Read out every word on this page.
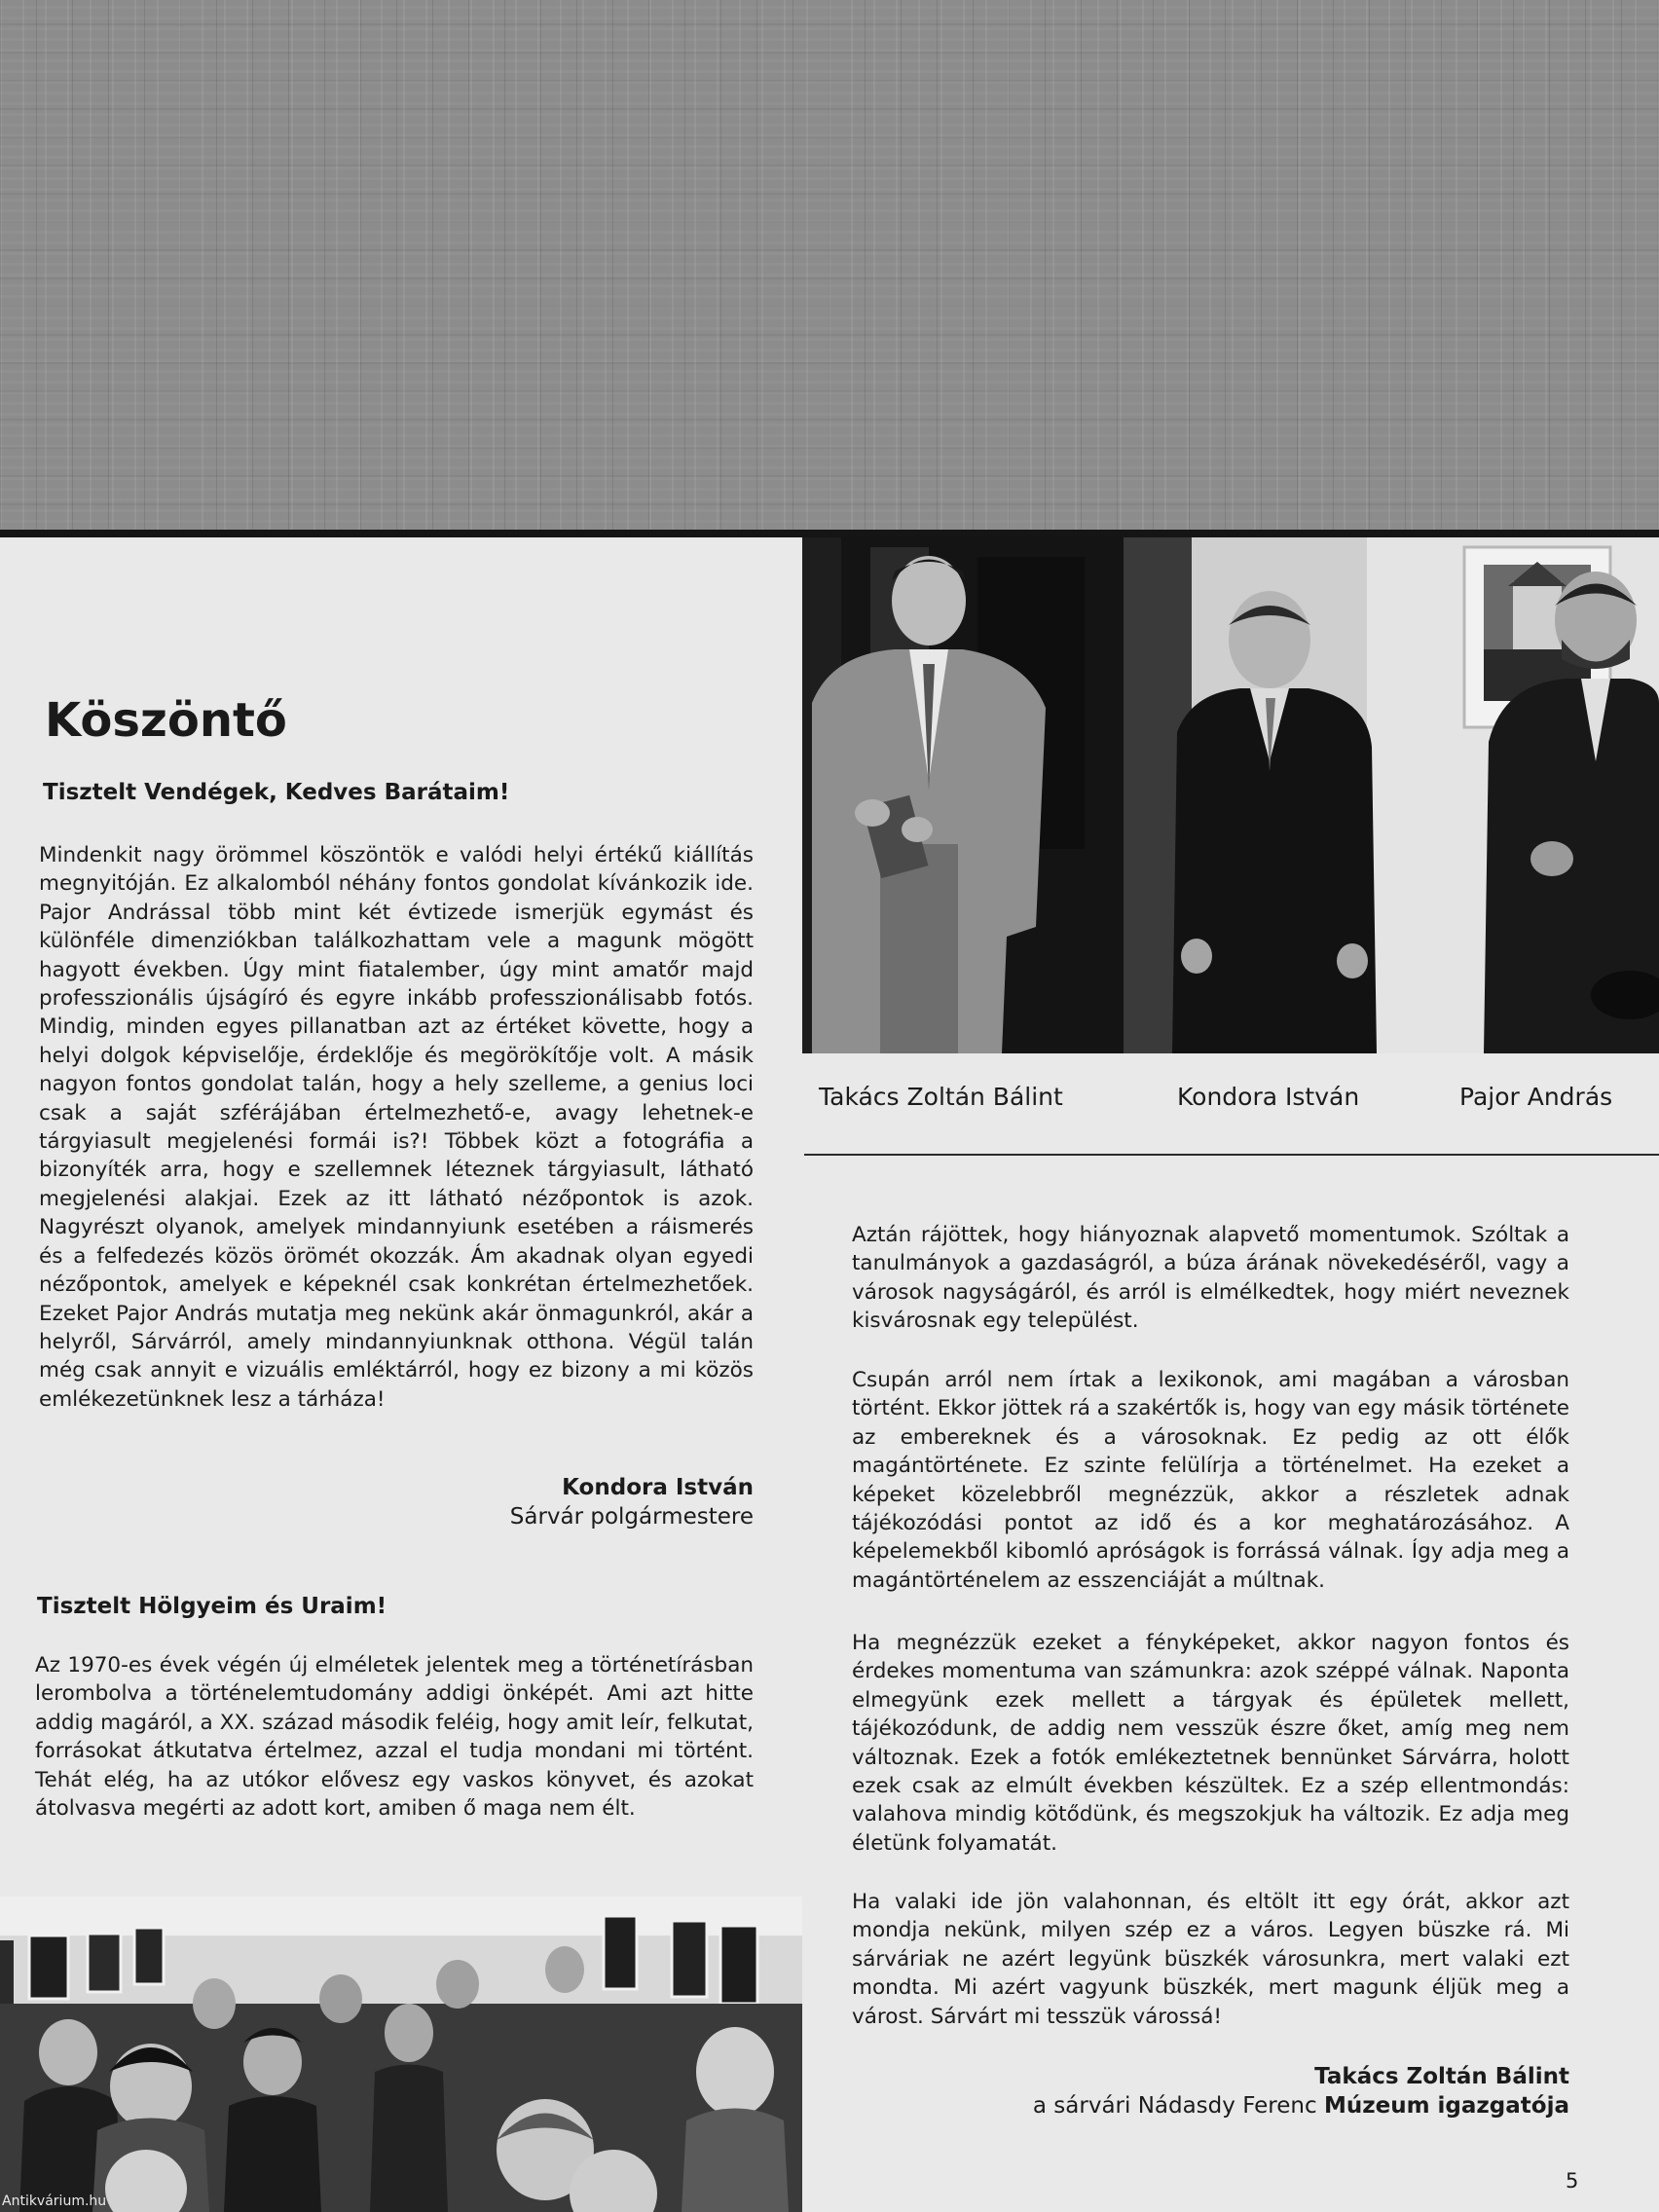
Köszöntő

Tisztelt Vendégek, Kedves Barátaim!

Mindenkit nagy örömmel köszöntök e valódi helyi értékű kiállítás megnyitóján. Ez alkalomból néhány fontos gondolat kívánkozik ide. Pajor Andrással több mint két évtizede ismerjük egymást és különféle dimenziókban találkozhattam vele a magunk mögött hagyott években. Úgy mint fiatalember, úgy mint amatőr majd professzionális újságíró és egyre inkább professzionálisabb fotós. Mindig, minden egyes pillanatban azt az értéket követte, hogy a helyi dolgok képviselője, érdeklője és megörökítője volt. A másik nagyon fontos gondolat talán, hogy a hely szelleme, a genius loci csak a saját szférájában értelmezhető-e, avagy lehetnek-e tárgyiasult megjelenési formái is?! Többek közt a fotográfia a bizonyíték arra, hogy e szellemnek léteznek tárgyiasult, látható megjelenési alakjai. Ezek az itt látható nézőpontok is azok. Nagyrészt olyanok, amelyek mindannyiunk esetében a ráismerés és a felfedezés közös örömét okozzák. Ám akadnak olyan egyedi nézőpontok, amelyek e képeknél csak konkrétan értelmezhetőek. Ezeket Pajor András mutatja meg nekünk akár önmagunkról, akár a helyről, Sárvárról, amely mindannyiunknak otthona. Végül talán még csak annyit e vizuális emléktárról, hogy ez bizony a mi közös emlékezetünknek lesz a tárháza!

Kondora István
Sárvár polgármestere

Tisztelt Hölgyeim és Uraim!

Az 1970-es évek végén új elméletek jelentek meg a történetírásban lerombolva a történelemtudomány addigi önképét. Ami azt hitte addig magáról, a XX. század második feléig, hogy amit leír, felkutat, forrásokat átkutatva értelmez, azzal el tudja mondani mi történt. Tehát elég, ha az utókor elővesz egy vaskos könyvet, és azokat átolvasva megérti az adott kort, amiben ő maga nem élt.

Takács Zoltán Bálint	Kondora István	Pajor András

Aztán rájöttek, hogy hiányoznak alapvető momentumok. Szóltak a tanulmányok a gazdaságról, a búza árának növekedéséről, vagy a városok nagyságáról, és arról is elmélkedtek, hogy miért neveznek kisvárosnak egy települést.

Csupán arról nem írtak a lexikonok, ami magában a városban történt. Ekkor jöttek rá a szakértők is, hogy van egy másik története az embereknek és a városoknak. Ez pedig az ott élők magántörténete. Ez szinte felülírja a történelmet. Ha ezeket a képeket közelebbről megnézzük, akkor a részletek adnak tájékozódási pontot az idő és a kor meghatározásához. A képelemekből kibomló apróságok is forrássá válnak. Így adja meg a magántörténelem az esszenciáját a múltnak.

Ha megnézzük ezeket a fényképeket, akkor nagyon fontos és érdekes momentuma van számunkra: azok széppé válnak. Naponta elmegyünk ezek mellett a tárgyak és épületek mellett, tájékozódunk, de addig nem vesszük észre őket, amíg meg nem változnak. Ezek a fotók emlékeztetnek bennünket Sárvárra, holott ezek csak az elmúlt években készültek. Ez a szép ellentmondás: valahova mindig kötődünk, és megszokjuk ha változik. Ez adja meg életünk folyamatát.

Ha valaki ide jön valahonnan, és eltölt itt egy órát, akkor azt mondja nekünk, milyen szép ez a város. Legyen büszke rá. Mi sárváriak ne azért legyünk büszkék városunkra, mert valaki ezt mondta. Mi azért vagyunk büszkék, mert magunk éljük meg a várost. Sárvárt mi tesszük várossá!

Takács Zoltán Bálint
a sárvári Nádasdy Ferenc Múzeum igazgatója
5
Antikvárium.hu
